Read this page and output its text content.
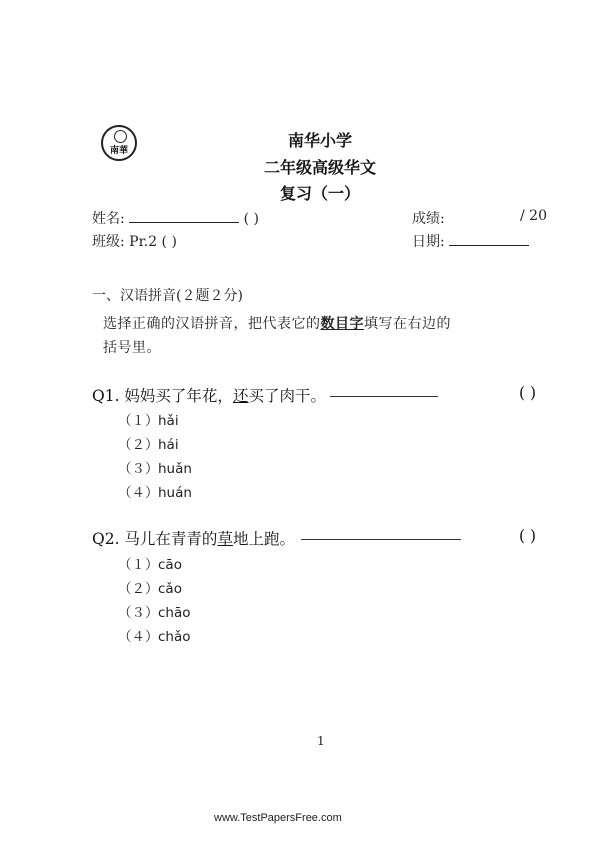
南華
南华小学
二年级高级华文
复习（一）
姓名:	( )	成绩:	/ 20
班级: Pr.2 ( )	日期:
一、汉语拼音(２题２分)
选择正确的汉语拼音，把代表它的数目字填写在右边的
括号里。
Q1. 妈妈买了年花，还买了肉干。	( )
（１）hǎi
（２）hái
（３）huǎn
（４）huán
Q2. 马儿在青青的草地上跑。	( )
（１）cāo
（２）cǎo
（３）chāo
（４）chǎo
1
www.TestPapersFree.com
